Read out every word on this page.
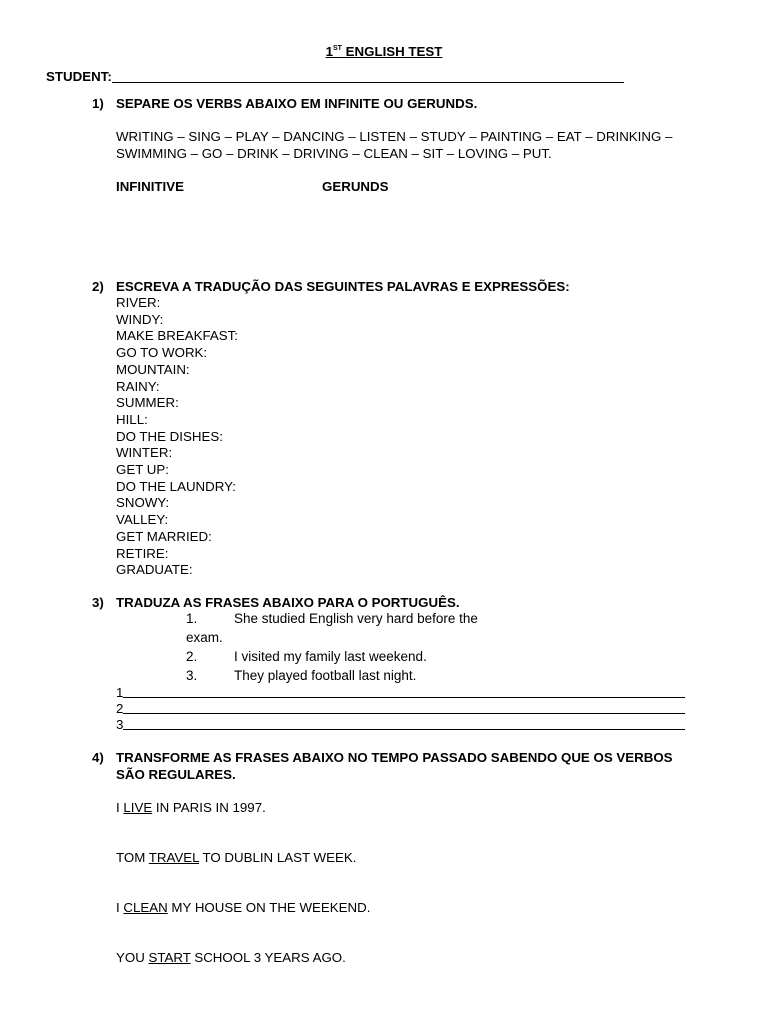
1ST ENGLISH TEST
STUDENT:
1) SEPARE OS VERBS ABAIXO EM INFINITE OU GERUNDS.
WRITING – SING – PLAY – DANCING – LISTEN – STUDY – PAINTING – EAT – DRINKING –
SWIMMING – GO – DRINK – DRIVING – CLEAN – SIT – LOVING – PUT.
INFINITIVE	GERUNDS
2) ESCREVA A TRADUÇÃO DAS SEGUINTES PALAVRAS E EXPRESSÕES:
RIVER:
WINDY:
MAKE BREAKFAST:
GO TO WORK:
MOUNTAIN:
RAINY:
SUMMER:
HILL:
DO THE DISHES:
WINTER:
GET UP:
DO THE LAUNDRY:
SNOWY:
VALLEY:
GET MARRIED:
RETIRE:
GRADUATE:
3) TRADUZA AS FRASES ABAIXO PARA O PORTUGUÊS.
1.	She studied English very hard before the
exam.
2.	I visited my family last weekend.
3.	They played football last night.
1
2
3
4) TRANSFORME AS FRASES ABAIXO NO TEMPO PASSADO SABENDO QUE OS VERBOS
SÃO REGULARES.
I LIVE IN PARIS IN 1997.
TOM TRAVEL TO DUBLIN LAST WEEK.
I CLEAN MY HOUSE ON THE WEEKEND.
YOU START SCHOOL 3 YEARS AGO.
